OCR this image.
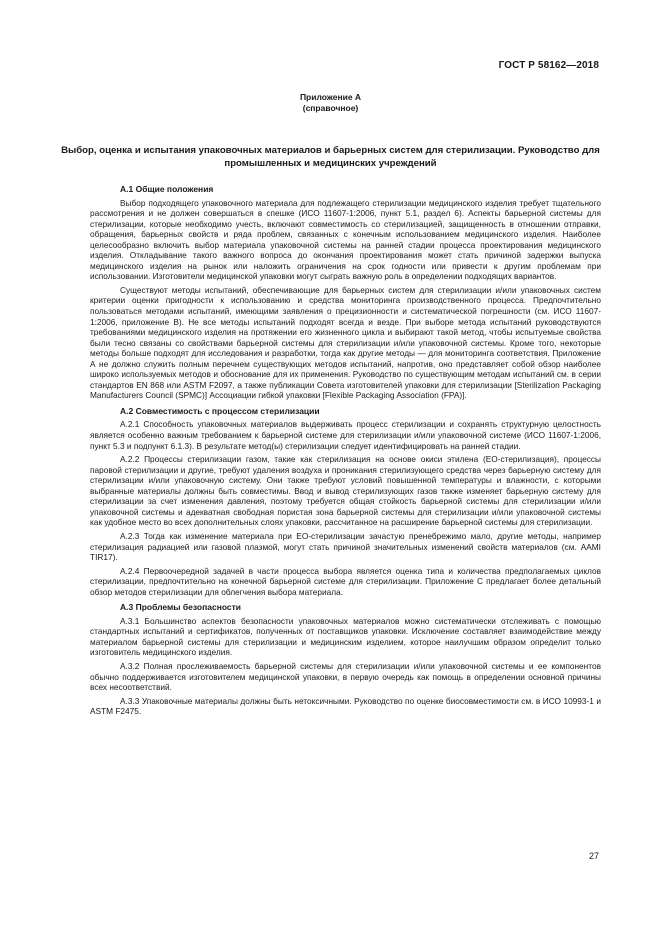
ГОСТ Р 58162—2018
Приложение А
(справочное)
Выбор, оценка и испытания упаковочных материалов и барьерных систем для стерилизации. Руководство для промышленных и медицинских учреждений
А.1 Общие положения

Выбор подходящего упаковочного материала для подлежащего стерилизации медицинского изделия требует тщательного рассмотрения и не должен совершаться в спешке (ИСО 11607-1:2006, пункт 5.1, раздел 6). Аспекты барьерной системы для стерилизации, которые необходимо учесть, включают совместимость со стерилизацией, защищенность в отношении отправки, обращения, барьерных свойств и ряда проблем, связанных с конечным использованием медицинского изделия. Наиболее целесообразно включить выбор материала упаковочной системы на ранней стадии процесса проектирования медицинского изделия. Откладывание такого важного вопроса до окончания проектирования может стать причиной задержки выпуска медицинского изделия на рынок или наложить ограничения на срок годности или привести к другим проблемам при использовании. Изготовители медицинской упаковки могут сыграть важную роль в определении подходящих вариантов.

Существуют методы испытаний, обеспечивающие для барьерных систем для стерилизации и/или упаковочных систем критерии оценки пригодности к использованию и средства мониторинга производственного процесса. Предпочтительно пользоваться методами испытаний, имеющими заявления о прецизионности и систематической погрешности (см. ИСО 11607-1:2006, приложение В). Не все методы испытаний подходят всегда и везде. При выборе метода испытаний руководствуются требованиями медицинского изделия на протяжении его жизненного цикла и выбирают такой метод, чтобы испытуемые свойства были тесно связаны со свойствами барьерной системы для стерилизации и/или упаковочной системы. Кроме того, некоторые методы больше подходят для исследования и разработки, тогда как другие методы — для мониторинга соответствия. Приложение А не должно служить полным перечнем существующих методов испытаний, напротив, оно представляет собой обзор наиболее широко используемых методов и обоснование для их применения. Руководство по существующим методам испытаний см. в серии стандартов EN 868 или ASTM F2097, а также публикации Совета изготовителей упаковки для стерилизации [Sterilization Packaging Manufacturers Council (SPMC)] Ассоциации гибкой упаковки [Flexible Packaging Association (FPA)].

А.2 Совместимость с процессом стерилизации

А.2.1 Способность упаковочных материалов выдерживать процесс стерилизации и сохранять структурную целостность является особенно важным требованием к барьерной системе для стерилизации и/или упаковочной системе (ИСО 11607-1:2006, пункт 5.3 и подпункт 6.1.3). В результате метод(ы) стерилизации следует идентифицировать на ранней стадии.

А.2.2 Процессы стерилизации газом, такие как стерилизация на основе окиси этилена (ЕО-стерилизация), процессы паровой стерилизации и другие, требуют удаления воздуха и проникания стерилизующего средства через барьерную систему для стерилизации и/или упаковочную систему. Они также требуют условий повышенной температуры и влажности, с которыми выбранные материалы должны быть совместимы. Ввод и вывод стерилизующих газов также изменяет барьерную систему для стерилизации за счет изменения давления, поэтому требуется общая стойкость барьерной системы для стерилизации и/или упаковочной системы и адекватная свободная пористая зона барьерной системы для стерилизации и/или упаковочной системы как удобное место во всех дополнительных слоях упаковки, рассчитанное на расширение барьерной системы для стерилизации.

А.2.3 Тогда как изменение материала при ЕО-стерилизации зачастую пренебрежимо мало, другие методы, например стерилизация радиацией или газовой плазмой, могут стать причиной значительных изменений свойств материалов (см. AAMI TIR17).

А.2.4 Первоочередной задачей в части процесса выбора является оценка типа и количества предполагаемых циклов стерилизации, предпочтительно на конечной барьерной системе для стерилизации. Приложение С предлагает более детальный обзор методов стерилизации для облегчения выбора материала.

А.3 Проблемы безопасности

А.3.1 Большинство аспектов безопасности упаковочных материалов можно систематически отслеживать с помощью стандартных испытаний и сертификатов, полученных от поставщиков упаковки. Исключение составляет взаимодействие между материалом барьерной системы для стерилизации и медицинским изделием, которое наилучшим образом определит только изготовитель медицинского изделия.

А.3.2 Полная прослеживаемость барьерной системы для стерилизации и/или упаковочной системы и ее компонентов обычно поддерживается изготовителем медицинской упаковки, в первую очередь как помощь в определении основной причины всех несоответствий.

А.3.3 Упаковочные материалы должны быть нетоксичными. Руководство по оценке биосовместимости см. в ИСО 10993-1 и ASTM F2475.

27
